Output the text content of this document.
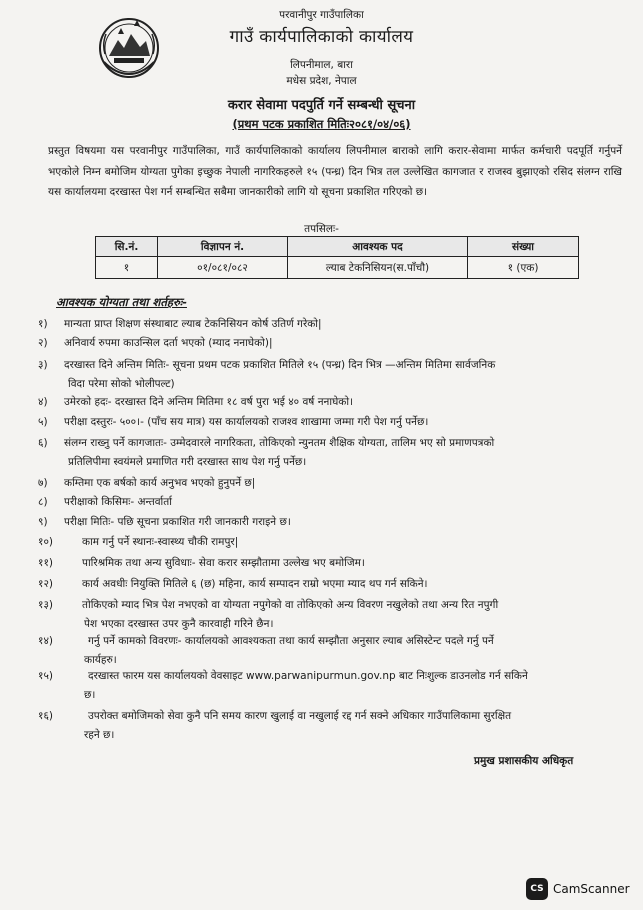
परवानीपुर गाउँपालिका
गाउँ कार्यपालिकाको कार्यालय
लिपनीमाल, बारा
मधेस प्रदेश, नेपाल
करार सेवामा पदपुर्ति गर्ने सम्बन्धी सूचना
(प्रथम पटक प्रकाशित मितिः२०८१/०४/०६)

प्रस्तुत विषयमा यस परवानीपुर गाउँपालिका, गाउँ कार्यपालिकाको कार्यालय लिपनीमाल बाराको लागि करार-सेवामा मार्फत कर्मचारी पदपूर्ति गर्नुपर्ने भएकोले निम्न बमोजिम योग्यता पुगेका इच्छुक नेपाली नागरिकहरुले १५ (पन्ध्र) दिन भित्र तल उल्लेखित कागजात र राजस्व बुझाएको रसिद संलग्न राखि यस कार्यालयमा दरखास्त पेश गर्न सम्बन्धित सबैमा जानकारीको लागि यो सूचना प्रकाशित गरिएको छ।

तपसिलः-
सि.नं.	विज्ञापन नं.	आवश्यक पद	संख्या
१	०१/०८१/०८२	ल्याब टेकनिसियन(स.पाँचौ)	१ (एक)
आवश्यक योग्यता तथा शर्तहरुः-
१) मान्यता प्राप्त शिक्षण संस्थाबाट ल्याब टेकनिसियन कोर्ष उतिर्ण गरेको|
२) अनिवार्य रुपमा काउन्सिल दर्ता भएको (म्याद ननाघेको)|
३) दरखास्त दिने अन्तिम मितिः- सूचना प्रथम पटक प्रकाशित मितिले १५ (पन्ध्र) दिन भित्र —अन्तिम मितिमा सार्वजनिक
विदा परेमा सोको भोलीपल्ट)
४) उमेरको हदः- दरखास्त दिने अन्तिम मितिमा १८ वर्ष पुरा भई ४० वर्ष ननाघेको।
५) परीक्षा दस्तुरः- ५००।- (पाँच सय मात्र) यस कार्यालयको राजश्व शाखामा जम्मा गरी पेश गर्नु पर्नेछ।
६) संलग्न राख्नु पर्ने कागजातः- उम्मेदवारले नागरिकता, तोकिएको न्युनतम शैक्षिक योग्यता, तालिम भए सो प्रमाणपत्रको
प्रतिलिपीमा स्वयंमले प्रमाणित गरी दरखास्त साथ पेश गर्नु पर्नेछ।
७) कम्तिमा एक बर्षको कार्य अनुभव भएको हुनुपर्ने छ|
८) परीक्षाको किसिमः- अन्तर्वार्ता
९) परीक्षा मितिः- पछि सूचना प्रकाशित गरी जानकारी गराइने छ।
१०)	काम गर्नु पर्ने स्थानः-स्वास्थ्य चौकी रामपुर|
११)	पारिश्रमिक तथा अन्य सुविधाः- सेवा करार सम्झौतामा उल्लेख भए बमोजिम।
१२)	कार्य अवधीः नियुक्ति मितिले ६ (छ) महिना, कार्य सम्पादन राम्रो भएमा म्याद थप गर्न सकिने।
१३)	तोकिएको म्याद भित्र पेश नभएको वा योग्यता नपुगेको वा तोकिएको अन्य विवरण नखुलेको तथा अन्य रित नपुगी
पेश भएका दरखास्त उपर कुनै कारवाही गरिने छैन।
१४)	गर्नु पर्ने कामको विवरणः- कार्यालयको आवश्यकता तथा कार्य सम्झौता अनुसार ल्याब असिस्टेन्ट पदले गर्नु पर्ने
कार्यहरु।
१५)	दरखास्त फारम यस कार्यालयको वेवसाइट www.parwanipurmun.gov.np बाट निःशुल्क डाउनलोड गर्न सकिने
छ।
१६)	उपरोक्त बमोजिमको सेवा कुनै पनि समय कारण खुलाई वा नखुलाई रद्द गर्न सक्ने अधिकार गाउँपालिकामा सुरक्षित
रहने छ।
प्रमुख प्रशासकीय अधिकृत
CS CamScanner
